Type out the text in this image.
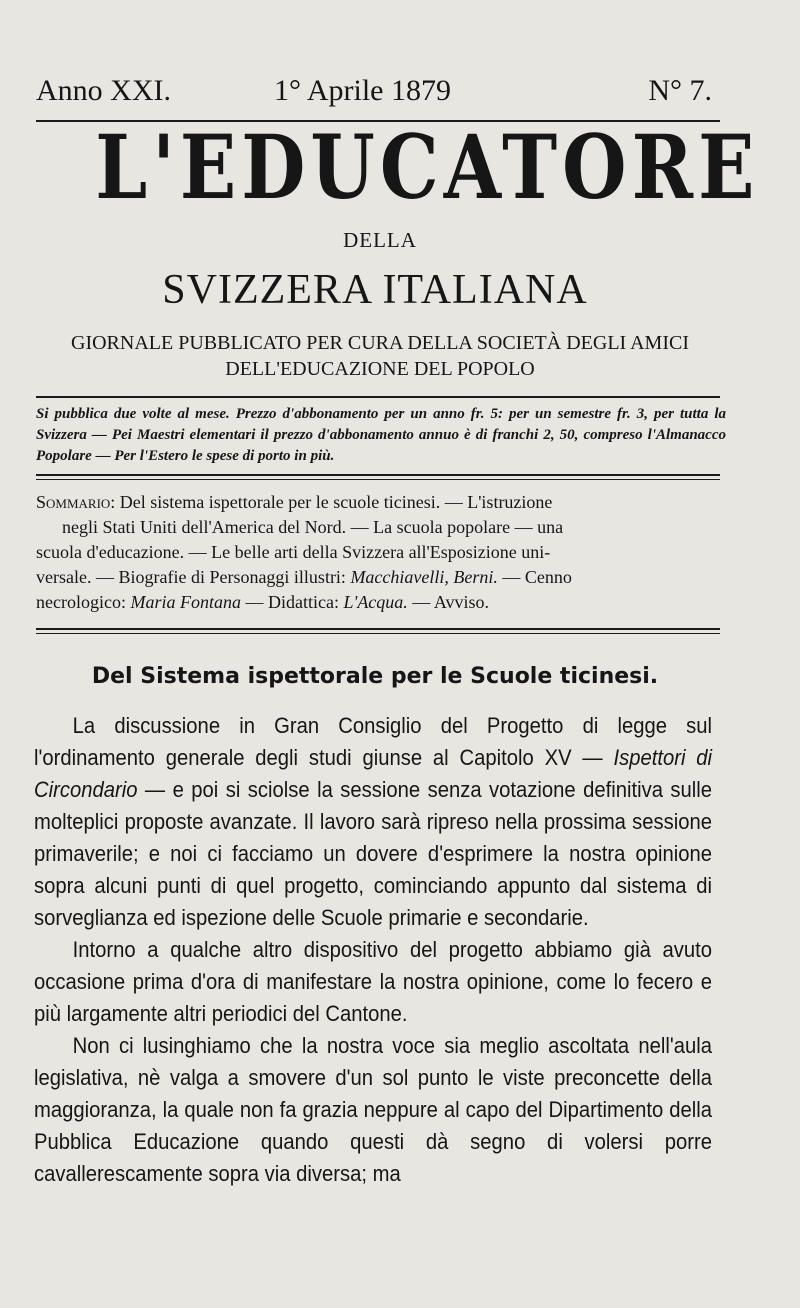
Anno XXI.	1° Aprile 1879	N° 7.
L'EDUCATORE
DELLA
SVIZZERA ITALIANA
GIORNALE PUBBLICATO PER CURA DELLA SOCIETÀ DEGLI AMICI
DELL'EDUCAZIONE DEL POPOLO
Si pubblica due volte al mese. Prezzo d'abbonamento per un anno fr. 5: per un semestre fr. 3, per tutta la Svizzera — Pei Maestri elementari il prezzo d'abbonamento annuo è di franchi 2, 50, compreso l'Almanacco Popolare — Per l'Estero le spese di porto in più.
Sommario: Del sistema ispettorale per le scuole ticinesi. — L'istruzione
negli Stati Uniti dell'America del Nord. — La scuola popolare — una
scuola d'educazione. — Le belle arti della Svizzera all'Esposizione uni-
versale. — Biografie di Personaggi illustri: Macchiavelli, Berni. — Cenno
necrologico: Maria Fontana — Didattica: L'Acqua. — Avviso.
Del Sistema ispettorale per le Scuole ticinesi.

La discussione in Gran Consiglio del Progetto di legge sul l'ordinamento generale degli studi giunse al Capitolo XV — Ispettori di Circondario — e poi si sciolse la sessione senza votazione definitiva sulle molteplici proposte avanzate. Il lavoro sarà ripreso nella prossima sessione primaverile; e noi ci facciamo un dovere d'esprimere la nostra opinione sopra alcuni punti di quel progetto, cominciando appunto dal sistema di sorveglianza ed ispezione delle Scuole primarie e secondarie.

Intorno a qualche altro dispositivo del progetto abbiamo già avuto occasione prima d'ora di manifestare la nostra opinione, come lo fecero e più largamente altri periodici del Cantone.

Non ci lusinghiamo che la nostra voce sia meglio ascoltata nell'aula legislativa, nè valga a smovere d'un sol punto le viste preconcette della maggioranza, la quale non fa grazia neppure al capo del Dipartimento della Pubblica Educazione quando questi dà segno di volersi porre cavallerescamente sopra via diversa; ma
